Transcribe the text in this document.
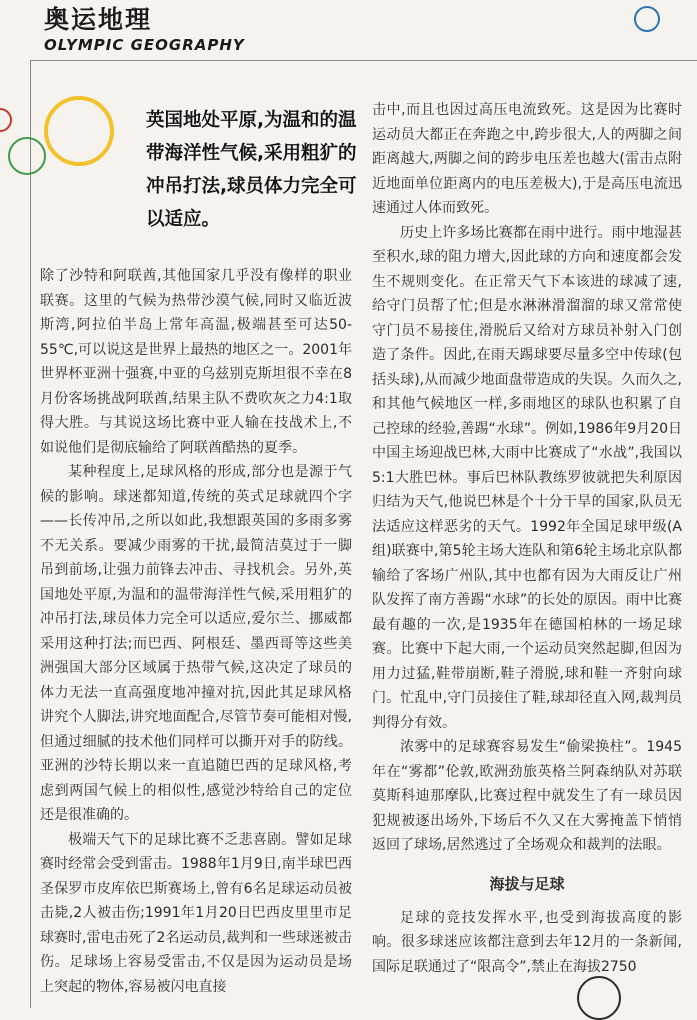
奥运地理
OLYMPIC GEOGRAPHY

英国地处平原,为温和的温带海洋性气候,采用粗犷的冲吊打法,球员体力完全可以适应。

除了沙特和阿联酋,其他国家几乎没有像样的职业联赛。这里的气候为热带沙漠气候,同时又临近波斯湾,阿拉伯半岛上常年高温,极端甚至可达50-55℃,可以说这是世界上最热的地区之一。2001年世界杯亚洲十强赛,中亚的乌兹别克斯坦很不幸在8月份客场挑战阿联酋,结果主队不费吹灰之力4:1取得大胜。与其说这场比赛中亚人输在技战术上,不如说他们是彻底输给了阿联酋酷热的夏季。

某种程度上,足球风格的形成,部分也是源于气候的影响。球迷都知道,传统的英式足球就四个字——长传冲吊,之所以如此,我想跟英国的多雨多雾不无关系。要减少雨雾的干扰,最简洁莫过于一脚吊到前场,让强力前锋去冲击、寻找机会。另外,英国地处平原,为温和的温带海洋性气候,采用粗犷的冲吊打法,球员体力完全可以适应,爱尔兰、挪威都采用这种打法;而巴西、阿根廷、墨西哥等这些美洲强国大部分区域属于热带气候,这决定了球员的体力无法一直高强度地冲撞对抗,因此其足球风格讲究个人脚法,讲究地面配合,尽管节奏可能相对慢,但通过细腻的技术他们同样可以撕开对手的防线。亚洲的沙特长期以来一直追随巴西的足球风格,考虑到两国气候上的相似性,感觉沙特给自己的定位还是很准确的。

极端天气下的足球比赛不乏悲喜剧。譬如足球赛时经常会受到雷击。1988年1月9日,南半球巴西圣保罗市皮库依巴斯赛场上,曾有6名足球运动员被击毙,2人被击伤;1991年1月20日巴西皮里里市足球赛时,雷电击死了2名运动员,裁判和一些球迷被击伤。足球场上容易受雷击,不仅是因为运动员是场上突起的物体,容易被闪电直接

击中,而且也因过高压电流致死。这是因为比赛时运动员大都正在奔跑之中,跨步很大,人的两脚之间距离越大,两脚之间的跨步电压差也越大(雷击点附近地面单位距离内的电压差极大),于是高压电流迅速通过人体而致死。

历史上许多场比赛都在雨中进行。雨中地湿甚至积水,球的阻力增大,因此球的方向和速度都会发生不规则变化。在正常天气下本该进的球减了速,给守门员帮了忙;但是水淋淋滑溜溜的球又常常使守门员不易接住,滑脱后又给对方球员补射入门创造了条件。因此,在雨天踢球要尽量多空中传球(包括头球),从而减少地面盘带造成的失误。久而久之,和其他气候地区一样,多雨地区的球队也积累了自己控球的经验,善踢“水球”。例如,1986年9月20日中国主场迎战巴林,大雨中比赛成了“水战”,我国以5:1大胜巴林。事后巴林队教练罗彼就把失利原因归结为天气,他说巴林是个十分干旱的国家,队员无法适应这样恶劣的天气。1992年全国足球甲级(A组)联赛中,第5轮主场大连队和第6轮主场北京队都输给了客场广州队,其中也都有因为大雨反让广州队发挥了南方善踢“水球”的长处的原因。雨中比赛最有趣的一次,是1935年在德国柏林的一场足球赛。比赛中下起大雨,一个运动员突然起脚,但因为用力过猛,鞋带崩断,鞋子滑脱,球和鞋一齐射向球门。忙乱中,守门员接住了鞋,球却径直入网,裁判员判得分有效。

浓雾中的足球赛容易发生“偷梁换柱”。1945年在“雾都”伦敦,欧洲劲旅英格兰阿森纳队对苏联莫斯科迪那摩队,比赛过程中就发生了有一球员因犯规被逐出场外,下场后不久又在大雾掩盖下悄悄返回了球场,居然逃过了全场观众和裁判的法眼。

海拔与足球

足球的竞技发挥水平,也受到海拔高度的影响。很多球迷应该都注意到去年12月的一条新闻,国际足联通过了“限高令”,禁止在海拔2750
